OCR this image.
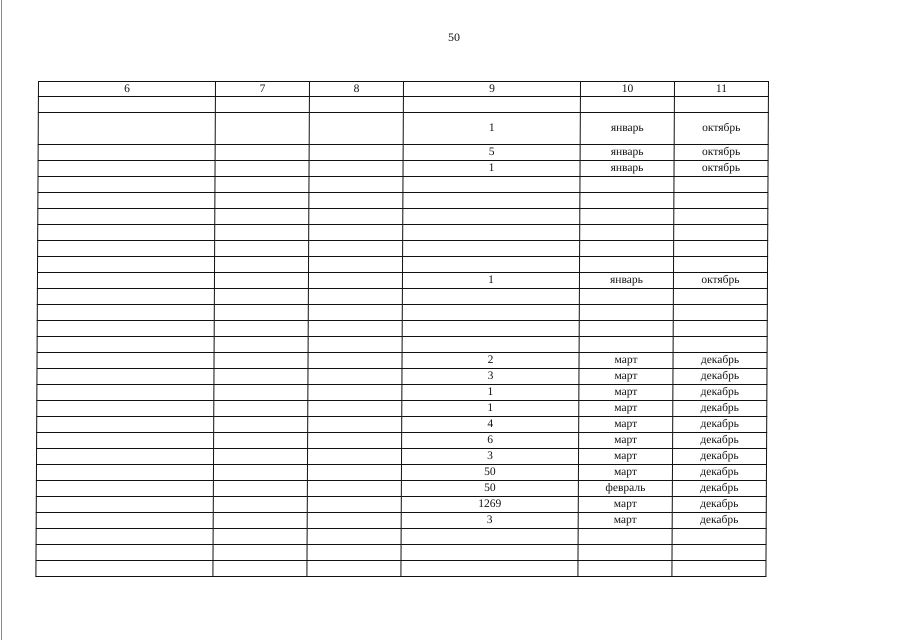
50
6	7	8	9	10	11

			1	январь	октябрь
			5	январь	октябрь
			1	январь	октябрь

			1	январь	октябрь

			2	март	декабрь
			3	март	декабрь
			1	март	декабрь
			1	март	декабрь
			4	март	декабрь
			6	март	декабрь
			3	март	декабрь
			50	март	декабрь
			50	февраль	декабрь
			1269	март	декабрь
			3	март	декабрь
